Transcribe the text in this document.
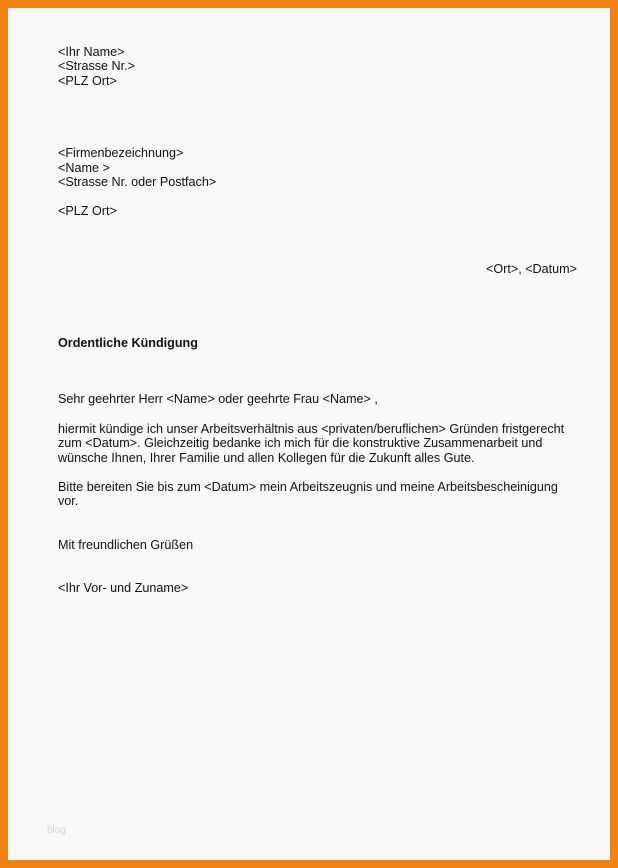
<Ihr Name>
<Strasse Nr.>
<PLZ Ort>
<Firmenbezeichnung>
<Name >
<Strasse Nr. oder Postfach>
<PLZ Ort>
<Ort>, <Datum>
Ordentliche Kündigung
Sehr geehrter Herr <Name> oder geehrte Frau <Name> ,
hiermit kündige ich unser Arbeitsverhältnis aus <privaten/beruflichen> Gründen fristgerecht
zum <Datum>. Gleichzeitig bedanke ich mich für die konstruktive Zusammenarbeit und
wünsche Ihnen, Ihrer Familie und allen Kollegen für die Zukunft alles Gute.
Bitte bereiten Sie bis zum <Datum> mein Arbeitszeugnis und meine Arbeitsbescheinigung
vor.
Mit freundlichen Grüßen
<Ihr Vor- und Zuname>
blog
